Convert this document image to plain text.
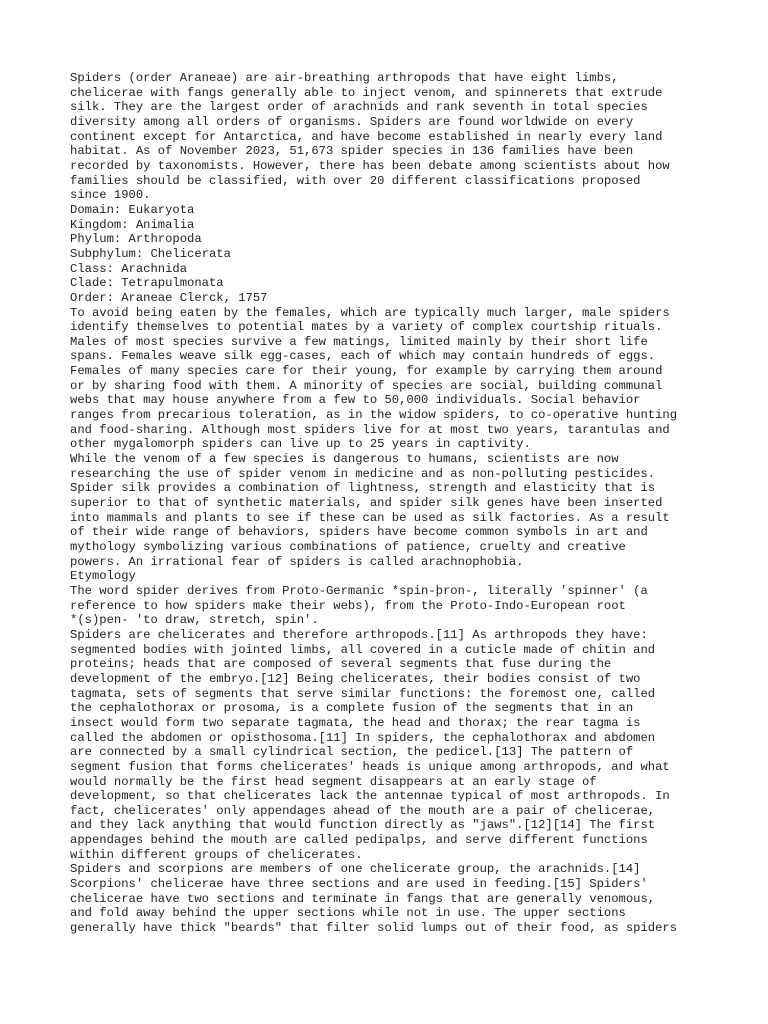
Spiders (order Araneae) are air-breathing arthropods that have eight limbs,
chelicerae with fangs generally able to inject venom, and spinnerets that extrude
silk. They are the largest order of arachnids and rank seventh in total species
diversity among all orders of organisms. Spiders are found worldwide on every
continent except for Antarctica, and have become established in nearly every land
habitat. As of November 2023, 51,673 spider species in 136 families have been
recorded by taxonomists. However, there has been debate among scientists about how
families should be classified, with over 20 different classifications proposed
since 1900.

Domain: Eukaryota
Kingdom: Animalia
Phylum: Arthropoda
Subphylum: Chelicerata
Class: Arachnida
Clade: Tetrapulmonata
Order: Araneae Clerck, 1757

To avoid being eaten by the females, which are typically much larger, male spiders
identify themselves to potential mates by a variety of complex courtship rituals.
Males of most species survive a few matings, limited mainly by their short life
spans. Females weave silk egg-cases, each of which may contain hundreds of eggs.
Females of many species care for their young, for example by carrying them around
or by sharing food with them. A minority of species are social, building communal
webs that may house anywhere from a few to 50,000 individuals. Social behavior
ranges from precarious toleration, as in the widow spiders, to co-operative hunting
and food-sharing. Although most spiders live for at most two years, tarantulas and
other mygalomorph spiders can live up to 25 years in captivity.

While the venom of a few species is dangerous to humans, scientists are now
researching the use of spider venom in medicine and as non-polluting pesticides.
Spider silk provides a combination of lightness, strength and elasticity that is
superior to that of synthetic materials, and spider silk genes have been inserted
into mammals and plants to see if these can be used as silk factories. As a result
of their wide range of behaviors, spiders have become common symbols in art and
mythology symbolizing various combinations of patience, cruelty and creative
powers. An irrational fear of spiders is called arachnophobia.

Etymology

The word spider derives from Proto-Germanic *spin-þron-, literally 'spinner' (a
reference to how spiders make their webs), from the Proto-Indo-European root
*(s)pen- 'to draw, stretch, spin'.

Spiders are chelicerates and therefore arthropods.[11] As arthropods they have:
segmented bodies with jointed limbs, all covered in a cuticle made of chitin and
proteins; heads that are composed of several segments that fuse during the
development of the embryo.[12] Being chelicerates, their bodies consist of two
tagmata, sets of segments that serve similar functions: the foremost one, called
the cephalothorax or prosoma, is a complete fusion of the segments that in an
insect would form two separate tagmata, the head and thorax; the rear tagma is
called the abdomen or opisthosoma.[11] In spiders, the cephalothorax and abdomen
are connected by a small cylindrical section, the pedicel.[13] The pattern of
segment fusion that forms chelicerates' heads is unique among arthropods, and what
would normally be the first head segment disappears at an early stage of
development, so that chelicerates lack the antennae typical of most arthropods. In
fact, chelicerates' only appendages ahead of the mouth are a pair of chelicerae,
and they lack anything that would function directly as "jaws".[12][14] The first
appendages behind the mouth are called pedipalps, and serve different functions
within different groups of chelicerates.

Spiders and scorpions are members of one chelicerate group, the arachnids.[14]
Scorpions' chelicerae have three sections and are used in feeding.[15] Spiders'
chelicerae have two sections and terminate in fangs that are generally venomous,
and fold away behind the upper sections while not in use. The upper sections
generally have thick "beards" that filter solid lumps out of their food, as spiders
